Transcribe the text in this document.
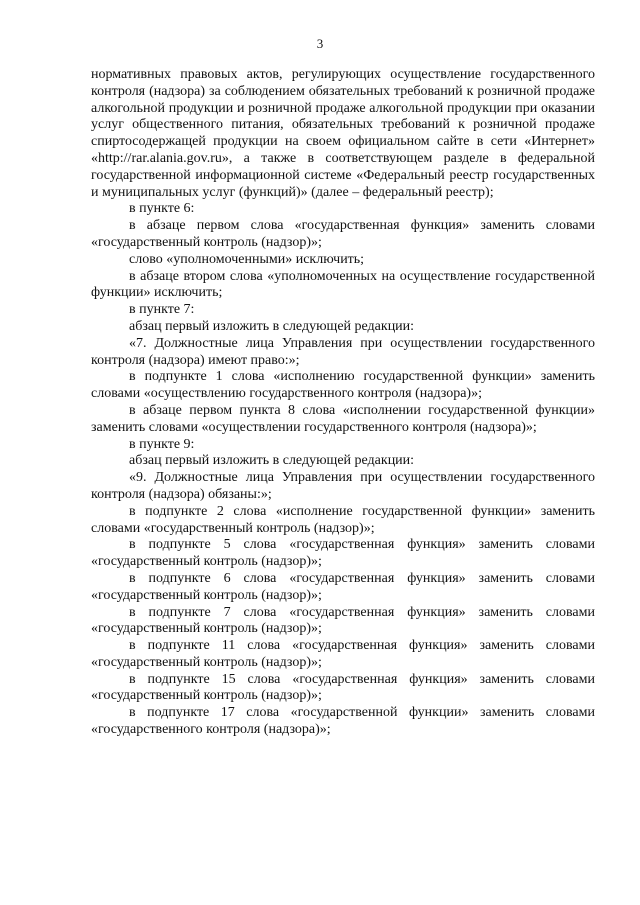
3

нормативных правовых актов, регулирующих осуществление государственного контроля (надзора) за соблюдением обязательных требований к розничной продаже алкогольной продукции и розничной продаже алкогольной продукции при оказании услуг общественного питания, обязательных требований к розничной продаже спиртосодержащей продукции на своем официальном сайте в сети «Интернет» «http://rar.alania.gov.ru», а также в соответствующем разделе в федеральной государственной информационной системе «Федеральный реестр государственных и муниципальных услуг (функций)» (далее – федеральный реестр);

в пункте 6:

в абзаце первом слова «государственная функция» заменить словами «государственный контроль (надзор)»;

слово «уполномоченными» исключить;

в абзаце втором слова «уполномоченных на осуществление государственной функции» исключить;

в пункте 7:

абзац первый изложить в следующей редакции:

«7. Должностные лица Управления при осуществлении государственного контроля (надзора) имеют право:»;

в подпункте 1 слова «исполнению государственной функции» заменить словами «осуществлению государственного контроля (надзора)»;

в абзаце первом пункта 8 слова «исполнении государственной функции» заменить словами «осуществлении государственного контроля (надзора)»;

в пункте 9:

абзац первый изложить в следующей редакции:

«9. Должностные лица Управления при осуществлении государственного контроля (надзора) обязаны:»;

в подпункте 2 слова «исполнение государственной функции» заменить словами «государственный контроль (надзор)»;

в подпункте 5 слова «государственная функция» заменить словами «государственный контроль (надзор)»;

в подпункте 6 слова «государственная функция» заменить словами «государственный контроль (надзор)»;

в подпункте 7 слова «государственная функция» заменить словами «государственный контроль (надзор)»;

в подпункте 11 слова «государственная функция» заменить словами «государственный контроль (надзор)»;

в подпункте 15 слова «государственная функция» заменить словами «государственный контроль (надзор)»;

в подпункте 17 слова «государственной функции» заменить словами «государственного контроля (надзора)»;
